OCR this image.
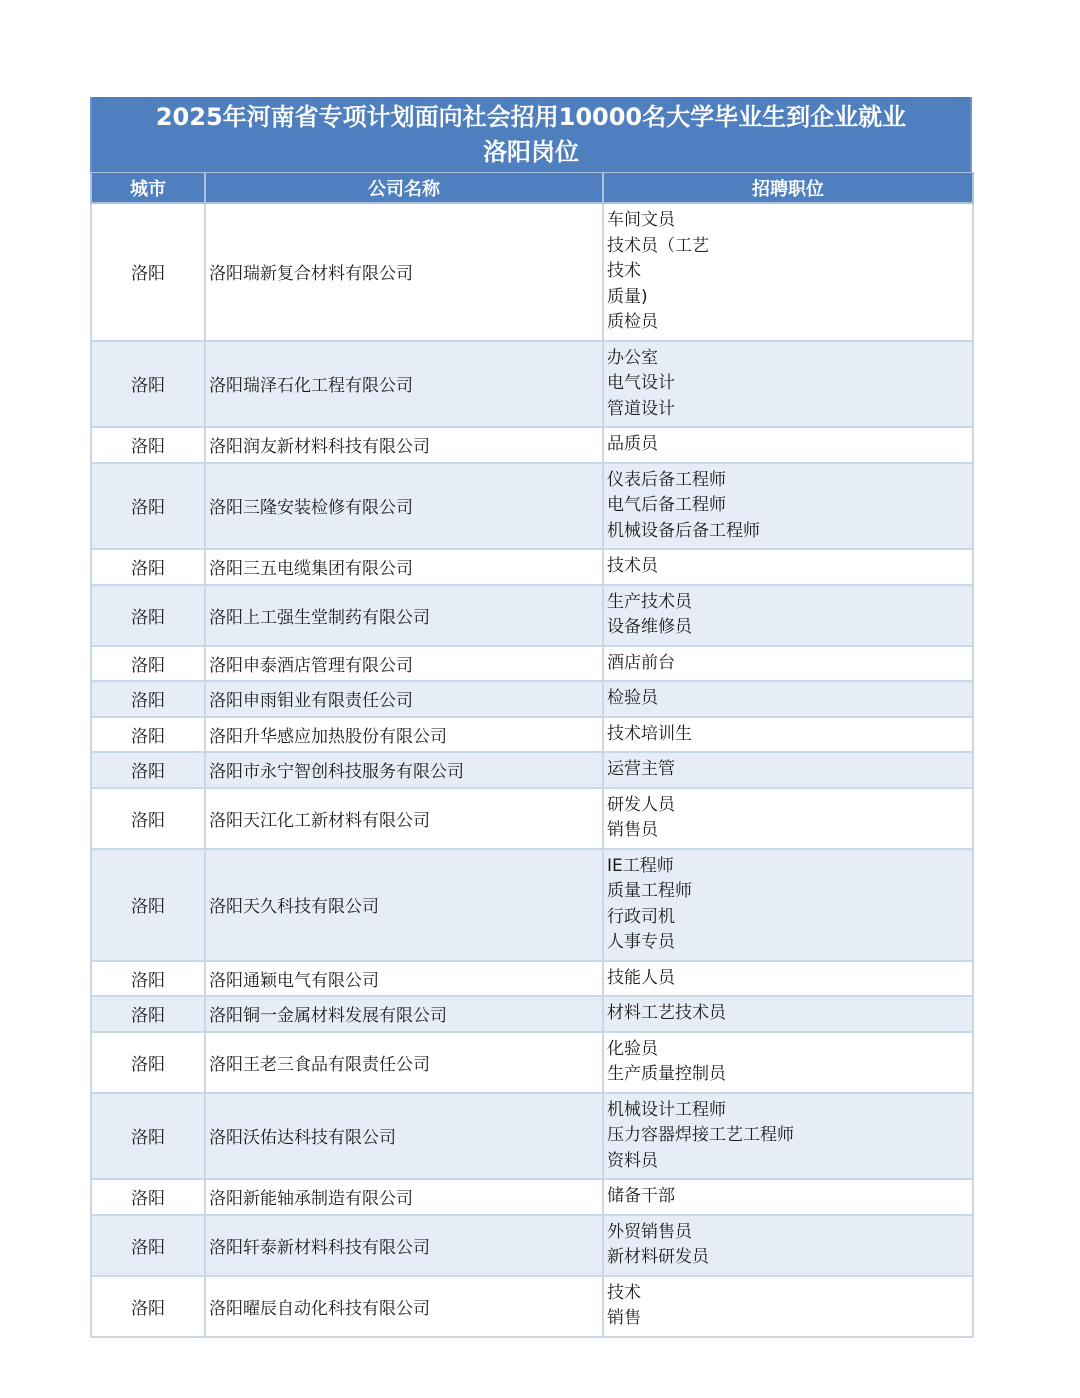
2025年河南省专项计划面向社会招用10000名大学毕业生到企业就业
洛阳岗位
城市	公司名称	招聘职位
洛阳	洛阳瑞新复合材料有限公司	车间文员
技术员（工艺
技术
质量)
质检员

洛阳	洛阳瑞泽石化工程有限公司	办公室
电气设计
管道设计

洛阳	洛阳润友新材料科技有限公司	品质员

洛阳	洛阳三隆安装检修有限公司	仪表后备工程师
电气后备工程师
机械设备后备工程师

洛阳	洛阳三五电缆集团有限公司	技术员

洛阳	洛阳上工强生堂制药有限公司	生产技术员
设备维修员

洛阳	洛阳申泰酒店管理有限公司	酒店前台

洛阳	洛阳申雨钼业有限责任公司	检验员

洛阳	洛阳升华感应加热股份有限公司	技术培训生

洛阳	洛阳市永宁智创科技服务有限公司	运营主管

洛阳	洛阳天江化工新材料有限公司	研发人员
销售员

洛阳	洛阳天久科技有限公司	IE工程师
质量工程师
行政司机
人事专员

洛阳	洛阳通颖电气有限公司	技能人员

洛阳	洛阳铜一金属材料发展有限公司	材料工艺技术员

洛阳	洛阳王老三食品有限责任公司	化验员
生产质量控制员

洛阳	洛阳沃佑达科技有限公司	机械设计工程师
压力容器焊接工艺工程师
资料员

洛阳	洛阳新能轴承制造有限公司	储备干部

洛阳	洛阳轩泰新材料科技有限公司	外贸销售员
新材料研发员

洛阳	洛阳曜辰自动化科技有限公司	技术
销售
